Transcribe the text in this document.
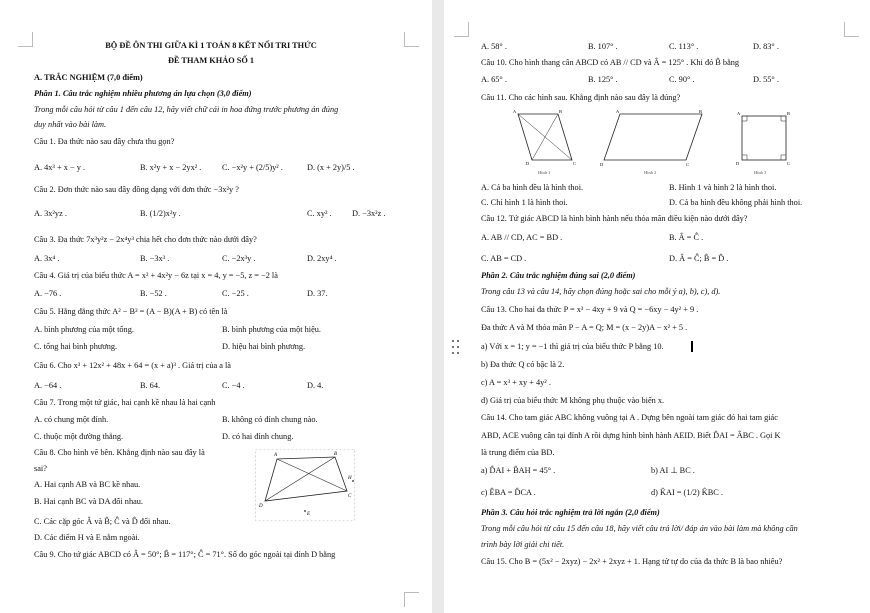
BỘ ĐỀ ÔN THI GIỮA KÌ 1 TOÁN 8 KẾT NỐI TRI THỨC
ĐỀ THAM KHẢO SỐ 1
A. TRẮC NGHIỆM (7,0 điểm)
Phần 1. Câu trắc nghiệm nhiều phương án lựa chọn (3,0 điểm)
Trong mỗi câu hỏi từ câu 1 đến câu 12, hãy viết chữ cái in hoa đứng trước phương án đúng
duy nhất vào bài làm.
Câu 1. Đa thức nào sau đây chưa thu gọn?
A. 4x³ + x − y .	B. x²y + x − 2yx² . C. −x²y + (2/5)y² .	D. (x + 2y)/5 .
Câu 2. Đơn thức nào sau đây đồng dạng với đơn thức −3x²y ?
A. 3x²yz .	B. (1/2)x²y .	C. xy² . D. −3x²z .
Câu 3. Đa thức 7x³y²z − 2x⁴y³ chia hết cho đơn thức nào dưới đây?
A. 3x⁴ .	B. −3x³ .	C. −2x³y .	D. 2xy⁴ .
Câu 4. Giá trị của biểu thức A = x² + 4x²y − 6z tại x = 4, y = −5, z = −2 là
A. −76 .	B. −52 .	C. −25 .	D. 37.
Câu 5. Hằng đẳng thức A² − B² = (A − B)(A + B) có tên là
A. bình phương của một tổng.	B. bình phương của một hiệu.
C. tổng hai bình phương.	D. hiệu hai bình phương.
Câu 6. Cho x³ + 12x² + 48x + 64 = (x + a)³ . Giá trị của a là
A. −64 .	B. 64.	C. −4 .	D. 4.
Câu 7. Trong một tứ giác, hai cạnh kề nhau là hai cạnh
A. có chung một đỉnh.	B. không có đỉnh chung nào.
C. thuộc một đường thẳng.	D. có hai đỉnh chung.
Câu 8. Cho hình vẽ bên. Khẳng định nào sau đây là
sai?
A. Hai cạnh AB và BC kề nhau.
B. Hai cạnh BC và DA đối nhau.
C. Các cặp góc Â và B̂; Ĉ và D̂ đối nhau.
D. Các điểm H và E nằm ngoài.
A	B
C
D
H
E
Câu 9. Cho tứ giác ABCD có Â = 50°; B̂ = 117°; Ĉ = 71°. Số đo góc ngoài tại đỉnh D bằng
A. 58° .	B. 107° .	C. 113° .	D. 83° .
Câu 10. Cho hình thang cân ABCD có AB // CD và Â = 125° . Khi đó B̂ bằng
A. 65° .	B. 125° .	C. 90° .	D. 55° .
Câu 11. Cho các hình sau. Khẳng định nào sau đây là đúng?
A	B
C
D
Hình 1
A	B
C
D
Hình 2
A	B
C
D
Hình 3
A. Cả ba hình đều là hình thoi.	B. Hình 1 và hình 2 là hình thoi.
C. Chỉ hình 1 là hình thoi.	D. Cả ba hình đều không phải hình thoi.
Câu 12. Tứ giác ABCD là hình bình hành nếu thỏa mãn điều kiện nào dưới đây?
A. AB // CD, AC = BD .	B. Â = Ĉ .
C. AB = CD .	D. Â = Ĉ; B̂ = D̂ .
Phần 2. Câu trắc nghiệm đúng sai (2,0 điểm)
Trong câu 13 và câu 14, hãy chọn đúng hoặc sai cho mỗi ý a), b), c), d).
Câu 13. Cho hai đa thức P = x³ − 4xy + 9 và Q = −6xy − 4y² + 9 .
Đa thức A và M thỏa mãn P − A = Q; M = (x − 2y)A − x² + 5 .
a) Với x = 1; y = −1 thì giá trị của biểu thức P bằng 10.
b) Đa thức Q có bậc là 2.
c) A = x³ + xy + 4y² .
d) Giá trị của biểu thức M không phụ thuộc vào biến x.
Câu 14. Cho tam giác ABC không vuông tại A . Dựng bên ngoài tam giác đó hai tam giác
ABD, ACE vuông cân tại đỉnh A rồi dựng hình bình hành AEID. Biết D̂AI = ÂBC . Gọi K
là trung điểm của BD.
a) D̂AI + B̂AH = 45° .	b) AI ⊥ BC .
c) ÊBA = D̂CA .	d) K̂AI = (1/2) K̂BC .
Phần 3. Câu hỏi trắc nghiệm trả lời ngắn (2,0 điểm)
Trong mỗi câu hỏi từ câu 15 đến câu 18, hãy viết câu trả lời/ đáp án vào bài làm mà không cần
trình bày lời giải chi tiết.
Câu 15. Cho B = (5x² − 2xyz) − 2x² + 2xyz + 1. Hạng tử tự do của đa thức B là bao nhiêu?
